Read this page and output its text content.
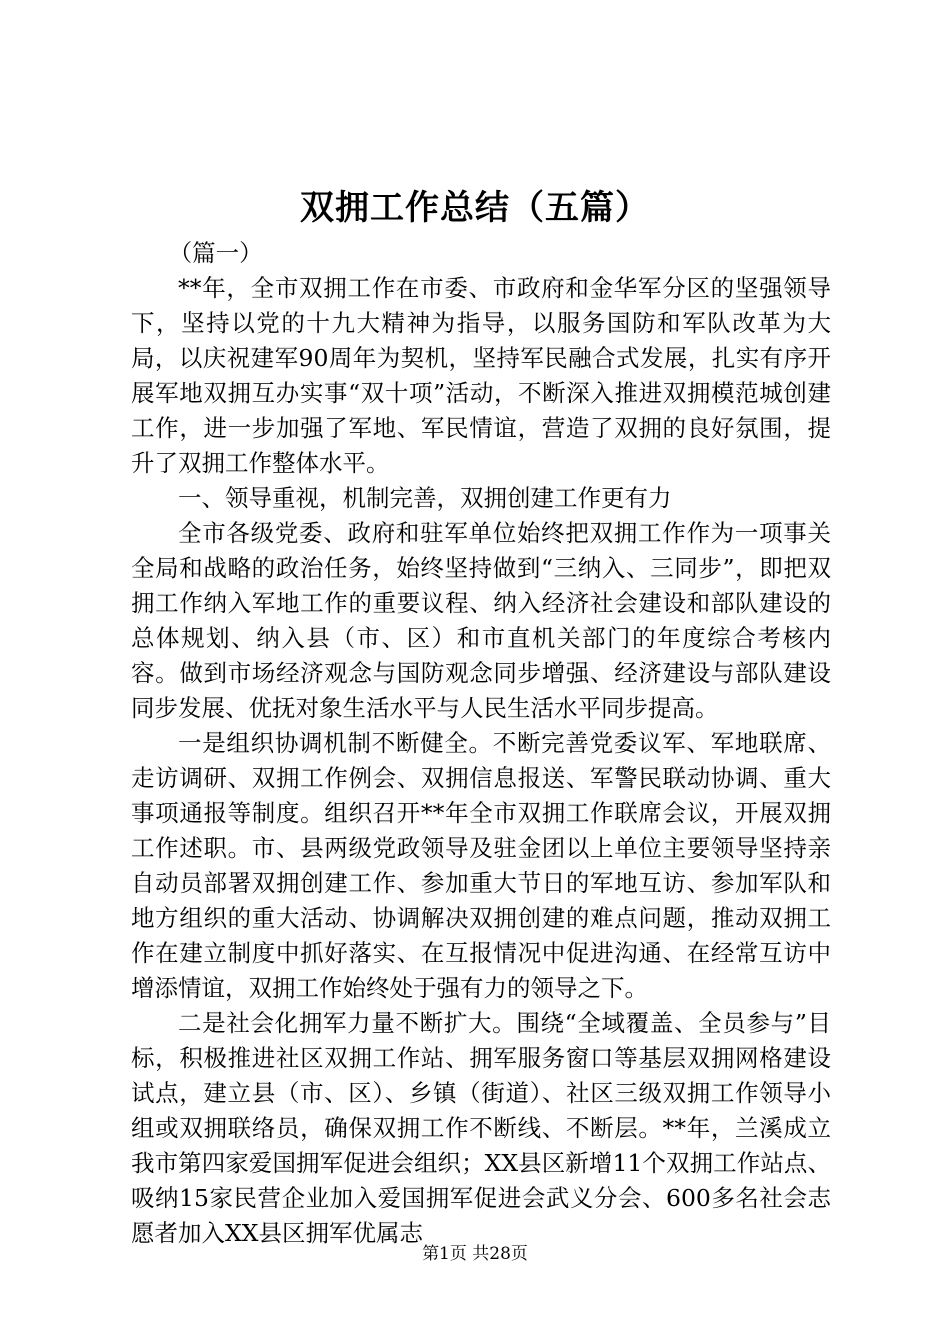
双拥工作总结（五篇）

（篇一）

**年，全市双拥工作在市委、市政府和金华军分区的坚强领导下，坚持以党的十九大精神为指导，以服务国防和军队改革为大局，以庆祝建军90周年为契机，坚持军民融合式发展，扎实有序开展军地双拥互办实事“双十项”活动，不断深入推进双拥模范城创建工作，进一步加强了军地、军民情谊，营造了双拥的良好氛围，提升了双拥工作整体水平。

一、领导重视，机制完善，双拥创建工作更有力

全市各级党委、政府和驻军单位始终把双拥工作作为一项事关全局和战略的政治任务，始终坚持做到“三纳入、三同步”，即把双拥工作纳入军地工作的重要议程、纳入经济社会建设和部队建设的总体规划、纳入县（市、区）和市直机关部门的年度综合考核内容。做到市场经济观念与国防观念同步增强、经济建设与部队建设同步发展、优抚对象生活水平与人民生活水平同步提高。

一是组织协调机制不断健全。不断完善党委议军、军地联席、走访调研、双拥工作例会、双拥信息报送、军警民联动协调、重大事项通报等制度。组织召开**年全市双拥工作联席会议，开展双拥工作述职。市、县两级党政领导及驻金团以上单位主要领导坚持亲自动员部署双拥创建工作、参加重大节日的军地互访、参加军队和地方组织的重大活动、协调解决双拥创建的难点问题，推动双拥工作在建立制度中抓好落实、在互报情况中促进沟通、在经常互访中增添情谊，双拥工作始终处于强有力的领导之下。

二是社会化拥军力量不断扩大。围绕“全域覆盖、全员参与”目标，积极推进社区双拥工作站、拥军服务窗口等基层双拥网格建设试点，建立县（市、区）、乡镇（街道）、社区三级双拥工作领导小组或双拥联络员，确保双拥工作不断线、不断层。**年，兰溪成立我市第四家爱国拥军促进会组织；XX县区新增11个双拥工作站点、吸纳15家民营企业加入爱国拥军促进会武义分会、600多名社会志愿者加入XX县区拥军优属志

第1页 共28页
